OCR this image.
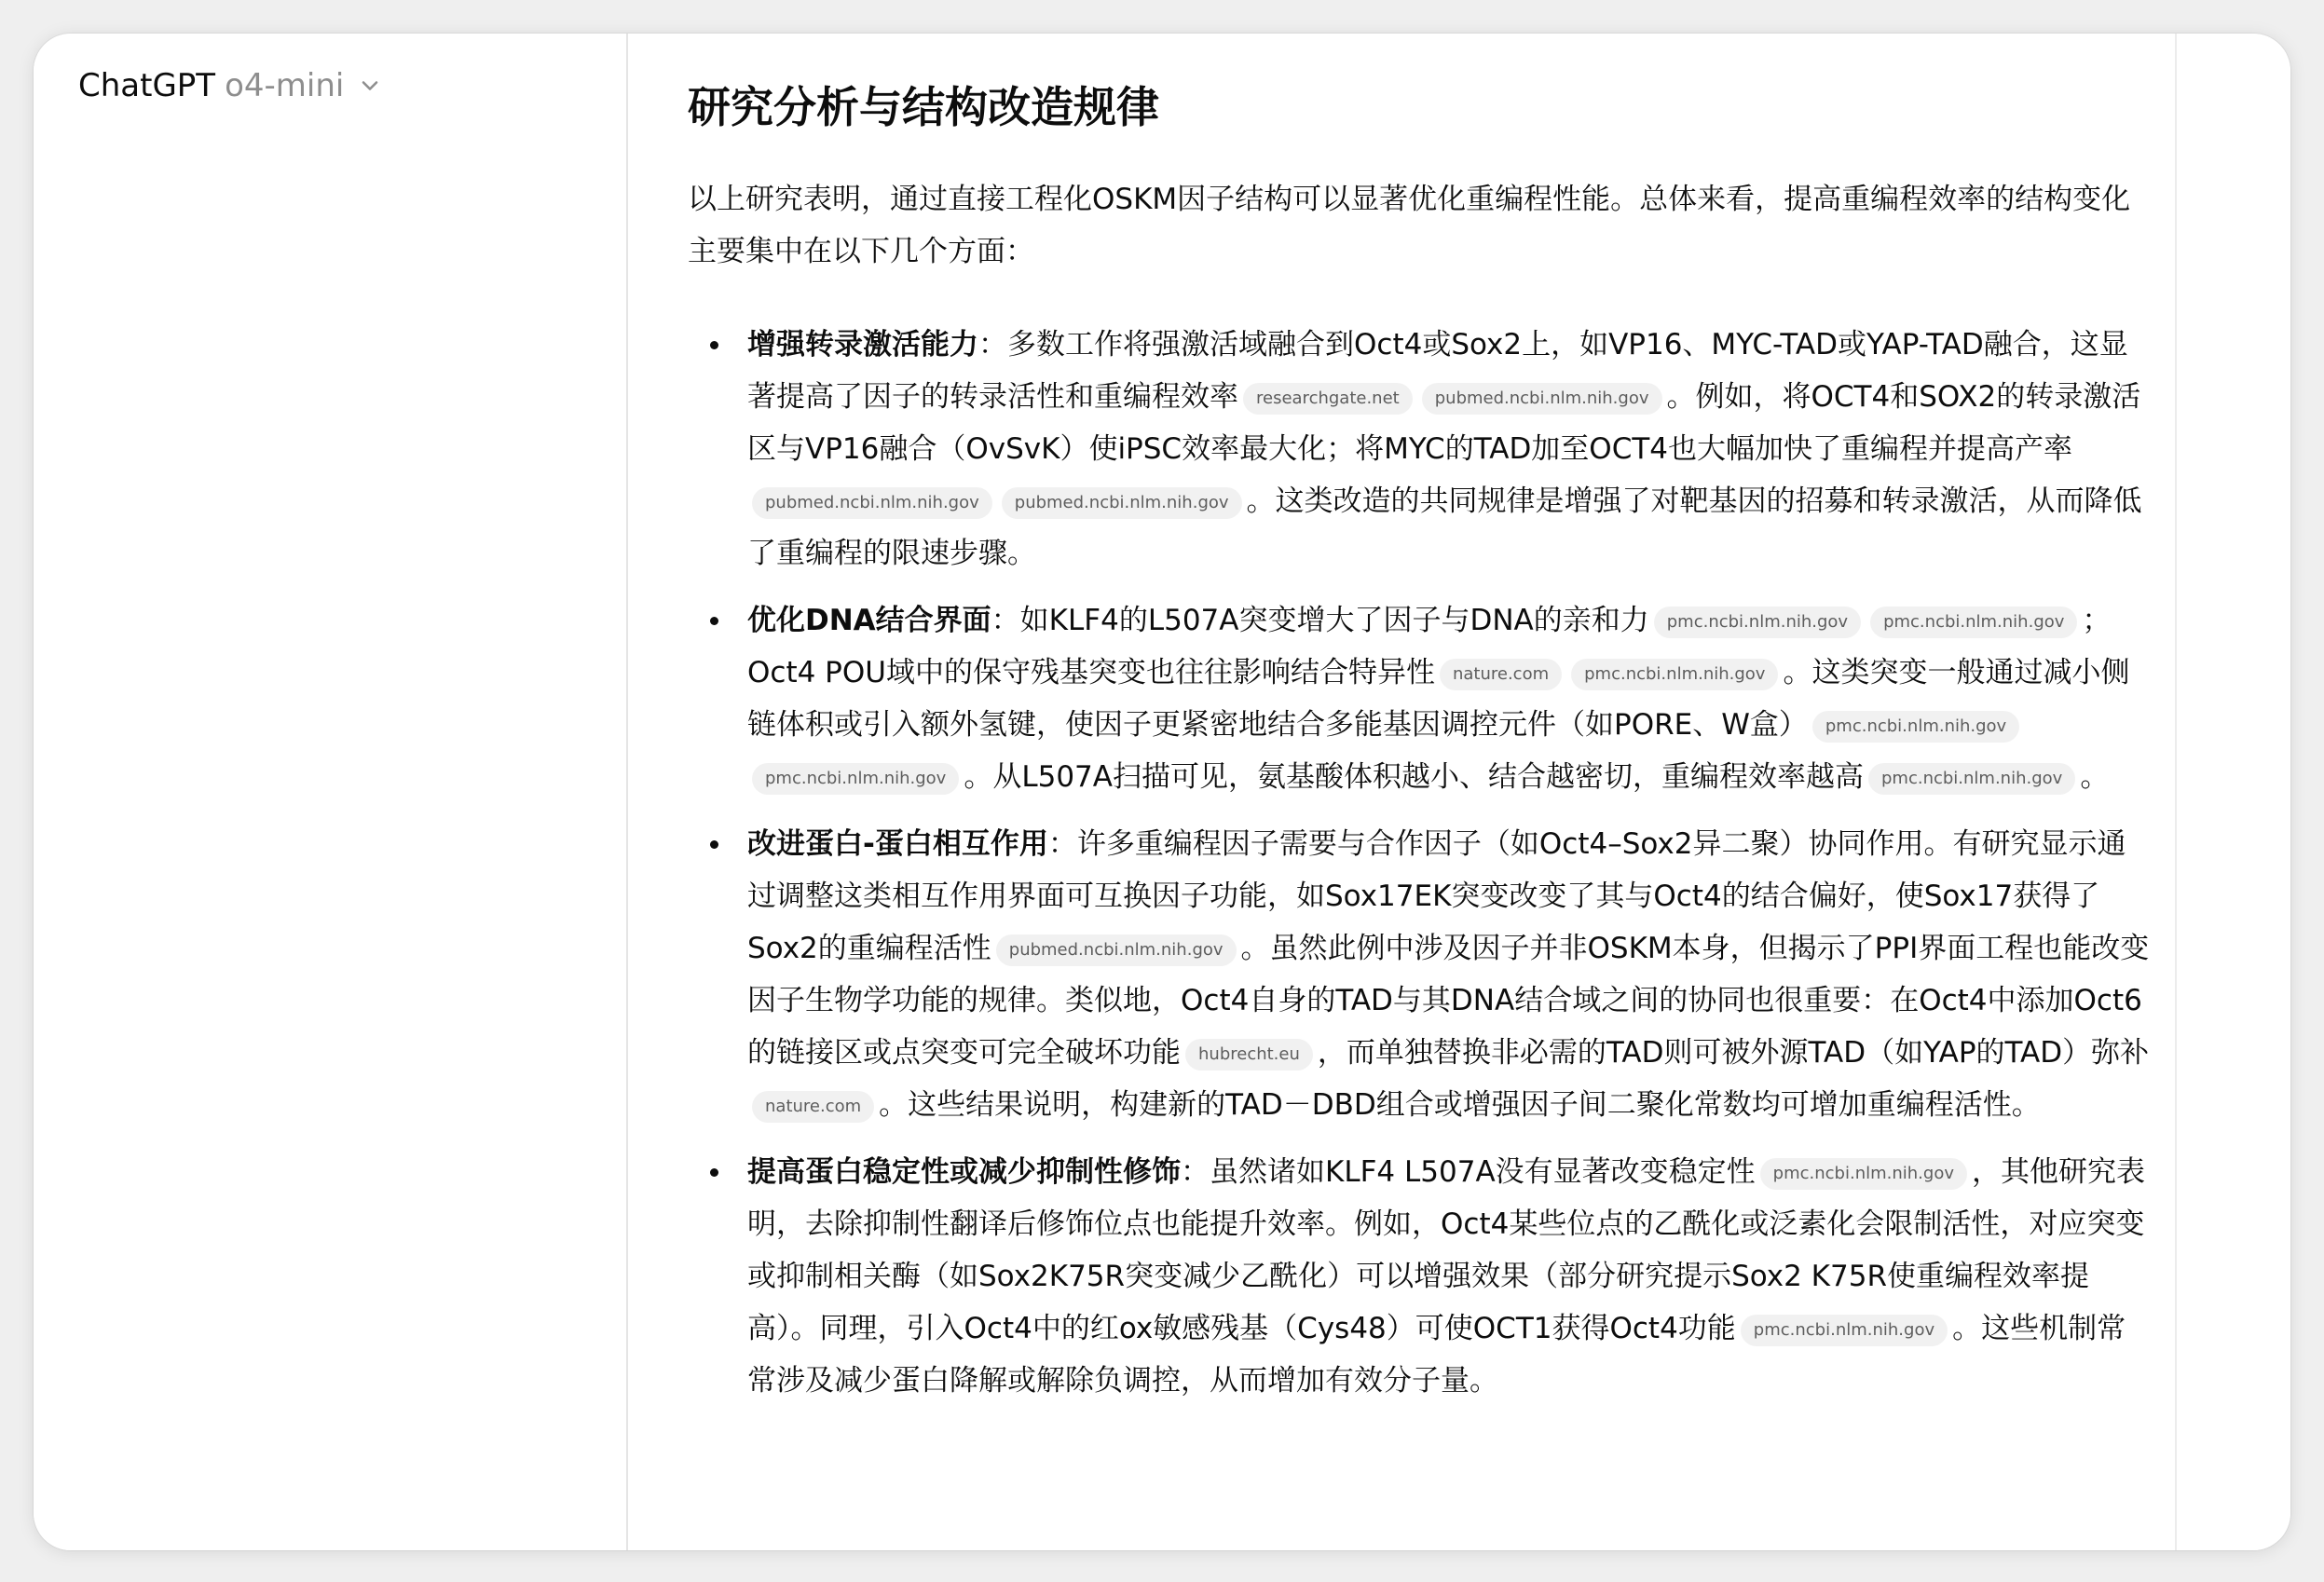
ChatGPT o4-mini	研究分析与结构改造规律

以上研究表明，通过直接工程化OSKM因子结构可以显著优化重编程性能。总体来看，提高重编程效率的结构变化主要集中在以下几个方面：

增强转录激活能力：多数工作将强激活域融合到Oct4或Sox2上，如VP16、MYC-TAD或YAP-TAD融合，这显著提高了因子的转录活性和重编程效率 researchgate.net pubmed.ncbi.nlm.nih.gov 。例如，将OCT4和SOX2的转录激活区与VP16融合（OvSvK）使iPSC效率最大化；将MYC的TAD加至OCT4也大幅加快了重编程并提高产率pubmed.ncbi.nlm.nih.gov pubmed.ncbi.nlm.nih.gov 。这类改造的共同规律是增强了对靶基因的招募和转录激活，从而降低了重编程的限速步骤。
优化DNA结合界面：如KLF4的L507A突变增大了因子与DNA的亲和力 pmc.ncbi.nlm.nih.gov pmc.ncbi.nlm.nih.gov ；Oct4 POU域中的保守残基突变也往往影响结合特异性 nature.com pmc.ncbi.nlm.nih.gov 。这类突变一般通过减小侧链体积或引入额外氢键，使因子更紧密地结合多能基因调控元件（如PORE、W盒） pmc.ncbi.nlm.nih.govpmc.ncbi.nlm.nih.gov 。从L507A扫描可见，氨基酸体积越小、结合越密切，重编程效率越高 pmc.ncbi.nlm.nih.gov 。
改进蛋白-蛋白相互作用：许多重编程因子需要与合作因子（如Oct4–Sox2异二聚）协同作用。有研究显示通过调整这类相互作用界面可互换因子功能，如Sox17EK突变改变了其与Oct4的结合偏好，使Sox17获得了Sox2的重编程活性 pubmed.ncbi.nlm.nih.gov 。虽然此例中涉及因子并非OSKM本身，但揭示了PPI界面工程也能改变因子生物学功能的规律。类似地，Oct4自身的TAD与其DNA结合域之间的协同也很重要：在Oct4中添加Oct6的链接区或点突变可完全破坏功能 hubrecht.eu ，而单独替换非必需的TAD则可被外源TAD（如YAP的TAD）弥补nature.com 。这些结果说明，构建新的TAD－DBD组合或增强因子间二聚化常数均可增加重编程活性。
提高蛋白稳定性或减少抑制性修饰：虽然诸如KLF4 L507A没有显著改变稳定性 pmc.ncbi.nlm.nih.gov ，其他研究表明，去除抑制性翻译后修饰位点也能提升效率。例如，Oct4某些位点的乙酰化或泛素化会限制活性，对应突变或抑制相关酶（如Sox2K75R突变减少乙酰化）可以增强效果（部分研究提示Sox2 K75R使重编程效率提高）。同理，引入Oct4中的红ox敏感残基（Cys48）可使OCT1获得Oct4功能 pmc.ncbi.nlm.nih.gov 。这些机制常常涉及减少蛋白降解或解除负调控，从而增加有效分子量。
